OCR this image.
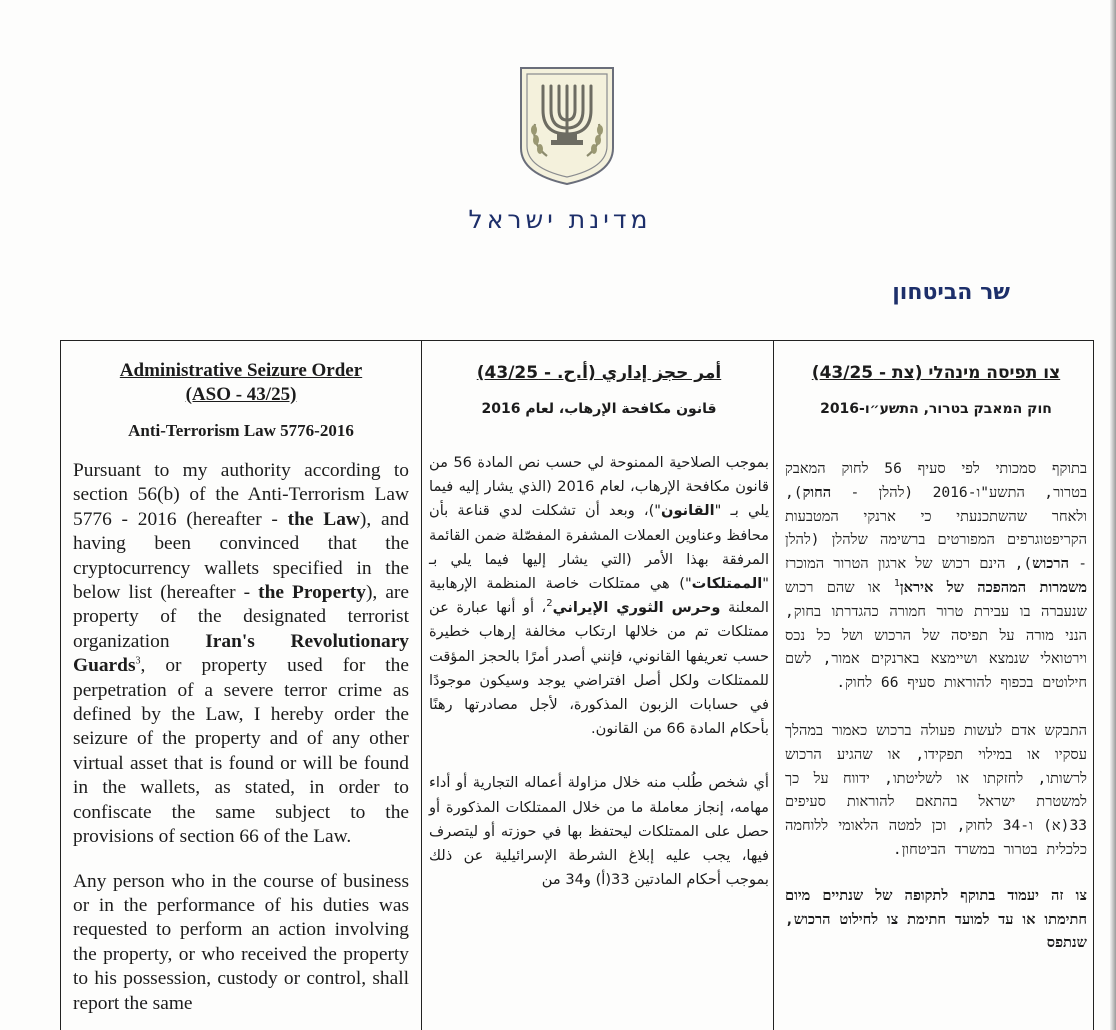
מדינת ישראל
שר הביטחון
Administrative Seizure Order
(ASO - 43/25)
Anti-Terrorism Law 5776-2016

Pursuant to my authority according to section 56(b) of the Anti-Terrorism Law 5776 - 2016 (hereafter - the Law), and having been convinced that the cryptocurrency wallets specified in the below list (hereafter - the Property), are property of the designated terrorist organization Iran's Revolutionary Guards$^3$, or property used for the perpetration of a severe terror crime as defined by the Law, I hereby order the seizure of the property and of any other virtual asset that is found or will be found in the wallets, as stated, in order to confiscate the same subject to the provisions of section 66 of the Law.

Any person who in the course of business or in the performance of his duties was requested to perform an action involving the property, or who received the property to his possession, custody or control, shall report the same

أمر حجز إداري (أ.ح. - 43/25)
قانون مكافحة الإرهاب، لعام 2016

بموجب الصلاحية الممنوحة لي حسب نص المادة 56 من قانون مكافحة الإرهاب، لعام 2016 (الذي يشار إليه فيما يلي بـ "القانون")، وبعد أن تشكلت لدي قناعة بأن محافظ وعناوين العملات المشفرة المفصّلة ضمن القائمة المرفقة بهذا الأمر (التي يشار إليها فيما يلي بـ "الممتلكات") هي ممتلكات خاصة المنظمة الإرهابية المعلنة وحرس الثوري الإيراني$^2$، أو أنها عبارة عن ممتلكات تم من خلالها ارتكاب مخالفة إرهاب خطيرة حسب تعريفها القانوني، فإنني أصدر أمرًا بالحجز المؤقت للممتلكات ولكل أصل افتراضي يوجد وسيكون موجودًا في حسابات الزبون المذكورة، لأجل مصادرتها رهنًا بأحكام المادة 66 من القانون.

أي شخص طُلب منه خلال مزاولة أعماله التجارية أو أداء مهامه، إنجاز معاملة ما من خلال الممتلكات المذكورة أو حصل على الممتلكات ليحتفظ بها في حوزته أو ليتصرف فيها، يجب عليه إبلاغ الشرطة الإسرائيلية عن ذلك بموجب أحكام المادتين 33(أ) و34 من

צו תפיסה מינהלי (צת - 43/25)
חוק המאבק בטרור, התשע״ו-2016

בתוקף סמכותי לפי סעיף 56 לחוק המאבק בטרור, התשע"ו-2016 (להלן - החוק), ולאחר שהשתכנעתי כי ארנקי המטבעות הקריפטוגרפים המפורטים ברשימה שלהלן (להלן - הרכוש), הינם רכוש של ארגון הטרור המוכרז משמרות המהפכה של איראן$^1$ או שהם רכוש שנעברה בו עבירת טרור חמורה כהגדרתו בחוק, הנני מורה על תפיסה של הרכוש ושל כל נכס וירטואלי שנמצא ושיימצא בארנקים אמור, לשם חילוטים בכפוף להוראות סעיף 66 לחוק.

התבקש אדם לעשות פעולה ברכוש כאמור במהלך עסקיו או במילוי תפקידו, או שהגיע הרכוש לרשותו, לחזקתו או לשליטתו, ידווח על כך למשטרת ישראל בהתאם להוראות סעיפים 33(א) ו-34 לחוק, וכן למטה הלאומי ללוחמה כלכלית בטרור במשרד הביטחון.

צו זה יעמוד בתוקף לתקופה של שנתיים מיום חתימתו או עד למועד חתימת צו לחילוט הרכוש, שנתפס
